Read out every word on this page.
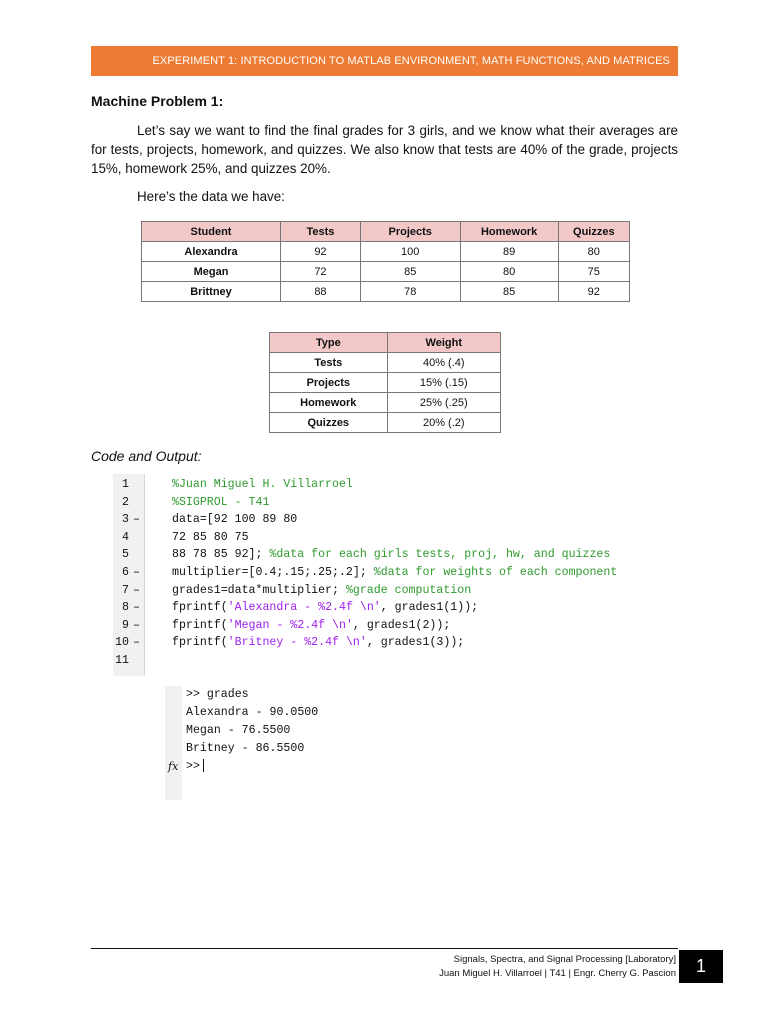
EXPERIMENT 1: INTRODUCTION TO MATLAB ENVIRONMENT, MATH FUNCTIONS, AND MATRICES
Machine Problem 1:

Let’s say we want to find the final grades for 3 girls, and we know what their averages are for tests, projects, homework, and quizzes. We also know that tests are 40% of the grade, projects 15%, homework 25%, and quizzes 20%.

Here’s the data we have:
Student	Tests	Projects	Homework	Quizzes
Alexandra	92	100	89	80
Megan	72	85	80	75
Brittney	88	78	85	92
Type	Weight
Tests	40% (.4)
Projects	15% (.15)
Homework	25% (.25)
Quizzes	20% (.2)
Code and Output:
1	%Juan Miguel H. Villarroel
2	%SIGPROL - T41
3 –	data=[92 100 89 80
4	72 85 80 75
5	88 78 85 92]; %data for each girls tests, proj, hw, and quizzes
6 –	multiplier=[0.4;.15;.25;.2]; %data for weights of each component
7 –	grades1=data*multiplier; %grade computation
8 –	fprintf('Alexandra - %2.4f \n', grades1(1));
9 –	fprintf('Megan - %2.4f \n', grades1(2));
10 –	fprintf('Britney - %2.4f \n', grades1(3));
11
>> grades
Alexandra - 90.0500
Megan - 76.5500
Britney - 86.5500
fx >>
Signals, Spectra, and Signal Processing [Laboratory]
Juan Miguel H. Villarroel | T41 | Engr. Cherry G. Pascion	1
